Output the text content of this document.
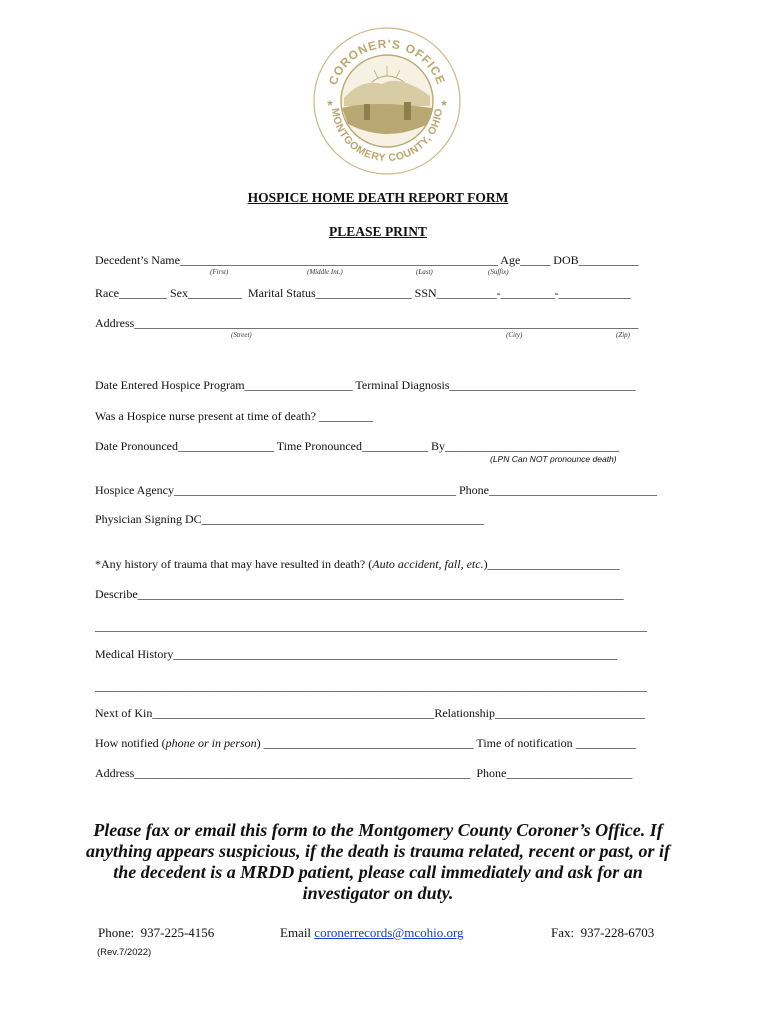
CORONER'S OFFICE
MONTGOMERY COUNTY, OHIO
★	★
HOSPICE HOME DEATH REPORT FORM
PLEASE PRINT
Decedent’s Name_____________________________________________________ Age_____ DOB__________
(First)	(Middle Int.)	(Last)	(Suffix)
Race________ Sex_________  Marital Status________________ SSN__________-_________-____________
Address____________________________________________________________________________________
(Street)	(City)	(Zip)
Date Entered Hospice Program__________________ Terminal Diagnosis_______________________________
Was a Hospice nurse present at time of death? _________
Date Pronounced________________ Time Pronounced___________ By_____________________________
(LPN Can NOT pronounce death)
Hospice Agency_______________________________________________ Phone____________________________
Physician Signing DC_______________________________________________
*Any history of trauma that may have resulted in death? (Auto accident, fall, etc.)______________________
Describe_________________________________________________________________________________
____________________________________________________________________________________________
Medical History__________________________________________________________________________
____________________________________________________________________________________________
Next of Kin_______________________________________________Relationship_________________________
How notified (phone or in person) ___________________________________ Time of notification __________
Address________________________________________________________  Phone_____________________
Please fax or email this form to the Montgomery County Coroner’s Office. If anything appears suspicious, if the death is trauma related, recent or past, or if the decedent is a MRDD patient, please call immediately and ask for an investigator on duty.
Phone:  937-225-4156	Email coronerrecords@mcohio.org	Fax:  937-228-6703
(Rev.7/2022)
